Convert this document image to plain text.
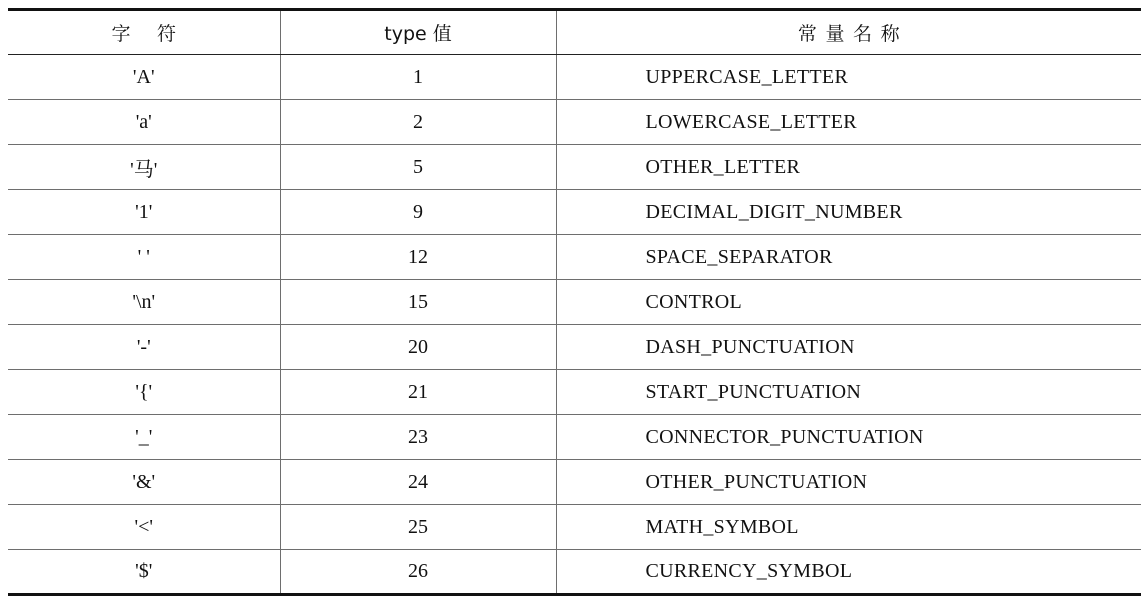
字符	type 值	常量名称
'A'	1	UPPERCASE_LETTER
'a'	2	LOWERCASE_LETTER
'马'	5	OTHER_LETTER
'1'	9	DECIMAL_DIGIT_NUMBER
' '	12	SPACE_SEPARATOR
'\n'	15	CONTROL
'-'	20	DASH_PUNCTUATION
'{'	21	START_PUNCTUATION
'_'	23	CONNECTOR_PUNCTUATION
'&'	24	OTHER_PUNCTUATION
'<'	25	MATH_SYMBOL
'$'	26	CURRENCY_SYMBOL
